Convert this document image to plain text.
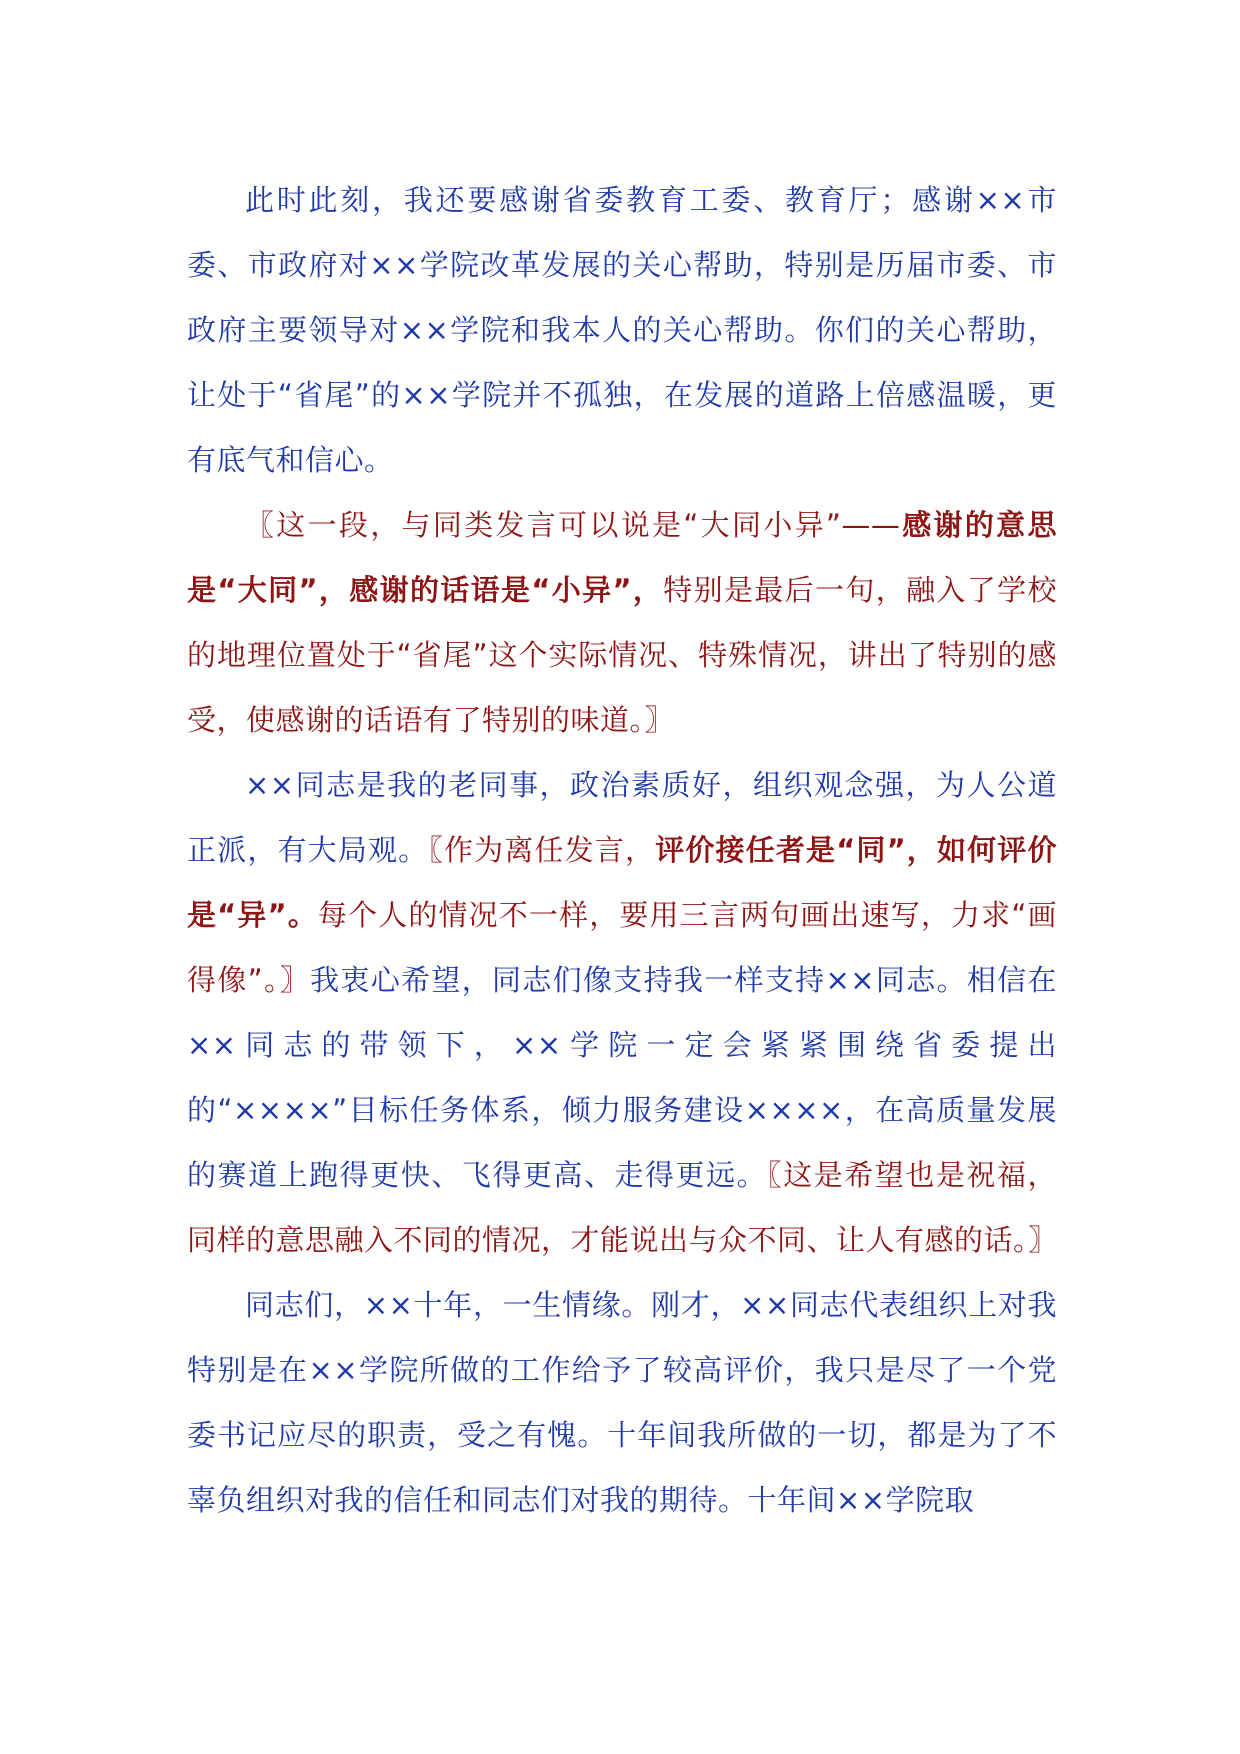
此时此刻，我还要感谢省委教育工委、教育厅；感谢××市委、市政府对××学院改革发展的关心帮助，特别是历届市委、市政府主要领导对××学院和我本人的关心帮助。你们的关心帮助，让处于“省尾”的××学院并不孤独，在发展的道路上倍感温暖，更有底气和信心。

〖这一段，与同类发言可以说是“大同小异”——感谢的意思是“大同”，感谢的话语是“小异”，特别是最后一句，融入了学校的地理位置处于“省尾”这个实际情况、特殊情况，讲出了特别的感受，使感谢的话语有了特别的味道。〗

××同志是我的老同事，政治素质好，组织观念强，为人公道正派，有大局观。〖作为离任发言，评价接任者是“同”，如何评价是“异”。每个人的情况不一样，要用三言两句画出速写，力求“画得像”。〗我衷心希望，同志们像支持我一样支持××同志。相信在××同志的带领下，××学院一定会紧紧围绕省委提出的“××××”目标任务体系，倾力服务建设××××，在高质量发展的赛道上跑得更快、飞得更高、走得更远。〖这是希望也是祝福，同样的意思融入不同的情况，才能说出与众不同、让人有感的话。〗

同志们，××十年，一生情缘。刚才，××同志代表组织上对我特别是在××学院所做的工作给予了较高评价，我只是尽了一个党委书记应尽的职责，受之有愧。十年间我所做的一切，都是为了不辜负组织对我的信任和同志们对我的期待。十年间××学院取
